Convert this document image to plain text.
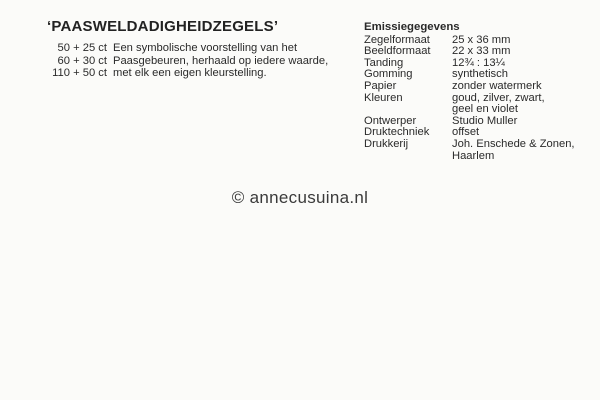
‘PAASWELDADIGHEIDZEGELS’
50 + 25 ct Een symbolische voorstelling van het
60 + 30 ct Paasgebeuren, herhaald op iedere waarde,
110 + 50 ct met elk een eigen kleurstelling.
Emissiegegevens
Zegelformaat	25 x 36 mm
Beeldformaat	22 x 33 mm
Tanding	12¾ : 13¼
Gomming	synthetisch
Papier	zonder watermerk
Kleuren	goud, zilver, zwart,
geel en violet
Ontwerper	Studio Muller
Druktechniek	offset
Drukkerij	Joh. Enschede & Zonen,
Haarlem
© annecusuina.nl
